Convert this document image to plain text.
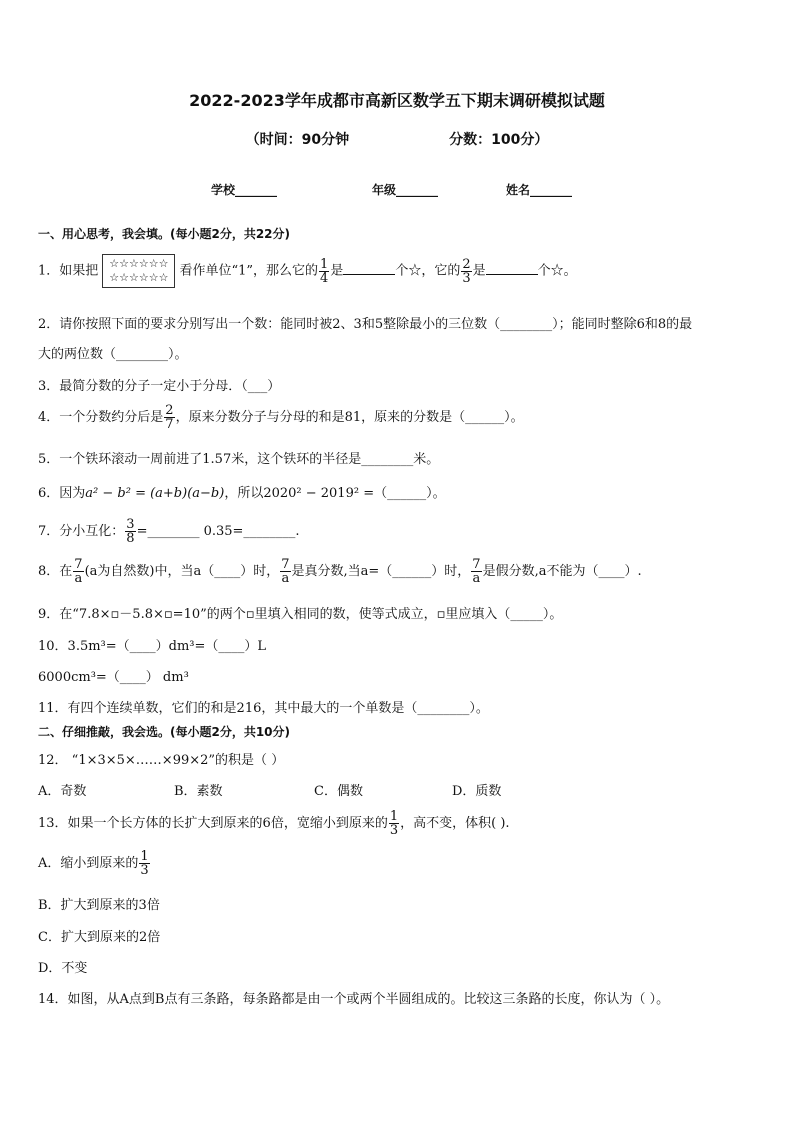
2022-2023学年成都市高新区数学五下期末调研模拟试题
（时间：90分钟	分数：100分）
学校_______	年级_______	姓名_______
一、用心思考，我会填。(每小题2分，共22分)
1．如果把 ☆☆☆☆☆☆
☆☆☆☆☆☆ 看作单位“1”，那么它的 $\frac{1}{4}$ 是	个☆，它的 $\frac{2}{3}$ 是	个☆。
2．请你按照下面的要求分别写出一个数：能同时被2、3和5整除最小的三位数（________）；能同时整除6和8的最
大的两位数（________）。
3．最简分数的分子一定小于分母．（___）
4．一个分数约分后是 $\frac{2}{7}$ ，原来分数分子与分母的和是81，原来的分数是（______）。
5．一个铁环滚动一周前进了1.57米，这个铁环的半径是________米。
6．因为a² − b² = (a+b)(a−b)，所以2020² − 2019² =（______）。
7．分小互化： $\frac{3}{8}$ =________ 0.35=________.
8．在 $\frac{7}{a} (a$为自然数)中，当a（____）时， $\frac{7}{a}$ 是真分数,当a=（______）时， $\frac{7}{a}$ 是假分数,a不能为（____）.
9．在“7.8×▫－5.8×▫=10”的两个▫里填入相同的数，使等式成立，▫里应填入（_____）。
10．3.5m³=（____）dm³=（____）L
6000cm³=（____） dm³
11．有四个连续单数，它们的和是216，其中最大的一个单数是（________）。
二、仔细推敲，我会选。(每小题2分，共10分)
12． “1×3×5×……×99×2”的积是（ ）
A．奇数	B．素数	C．偶数	D．质数
13．如果一个长方体的长扩大到原来的6倍，宽缩小到原来的 $\frac{1}{3}$ ，高不变，体积( ).
A．缩小到原来的 $\frac{1}{3}$
B．扩大到原来的3倍
C．扩大到原来的2倍
D．不变
14．如图，从A点到B点有三条路，每条路都是由一个或两个半圆组成的。比较这三条路的长度，你认为（ ）。
